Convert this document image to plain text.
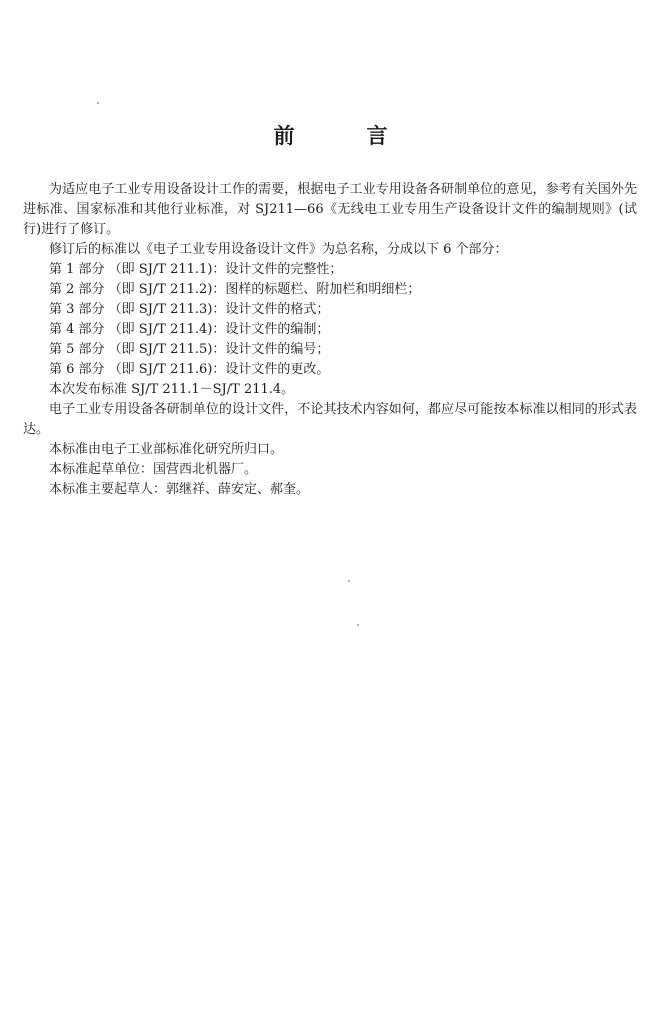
前	言

为适应电子工业专用设备设计工作的需要，根据电子工业专用设备各研制单位的意见，参考有关国外先进标准、国家标准和其他行业标准，对 SJ211—66《无线电工业专用生产设备设计文件的编制规则》(试行)进行了修订。

修订后的标准以《电子工业专用设备设计文件》为总名称，分成以下 6 个部分：

第 1 部分 （即 SJ/T 211.1)：设计文件的完整性；

第 2 部分 （即 SJ/T 211.2)：图样的标题栏、附加栏和明细栏；

第 3 部分 （即 SJ/T 211.3)：设计文件的格式；

第 4 部分 （即 SJ/T 211.4)：设计文件的编制；

第 5 部分 （即 SJ/T 211.5)：设计文件的编号；

第 6 部分 （即 SJ/T 211.6)：设计文件的更改。

本次发布标准 SJ/T 211.1－SJ/T 211.4。

电子工业专用设备各研制单位的设计文件，不论其技术内容如何，都应尽可能按本标准以相同的形式表达。

本标准由电子工业部标准化研究所归口。

本标准起草单位：国营西北机器厂。

本标准主要起草人：郭继祥、薛安定、郝奎。
